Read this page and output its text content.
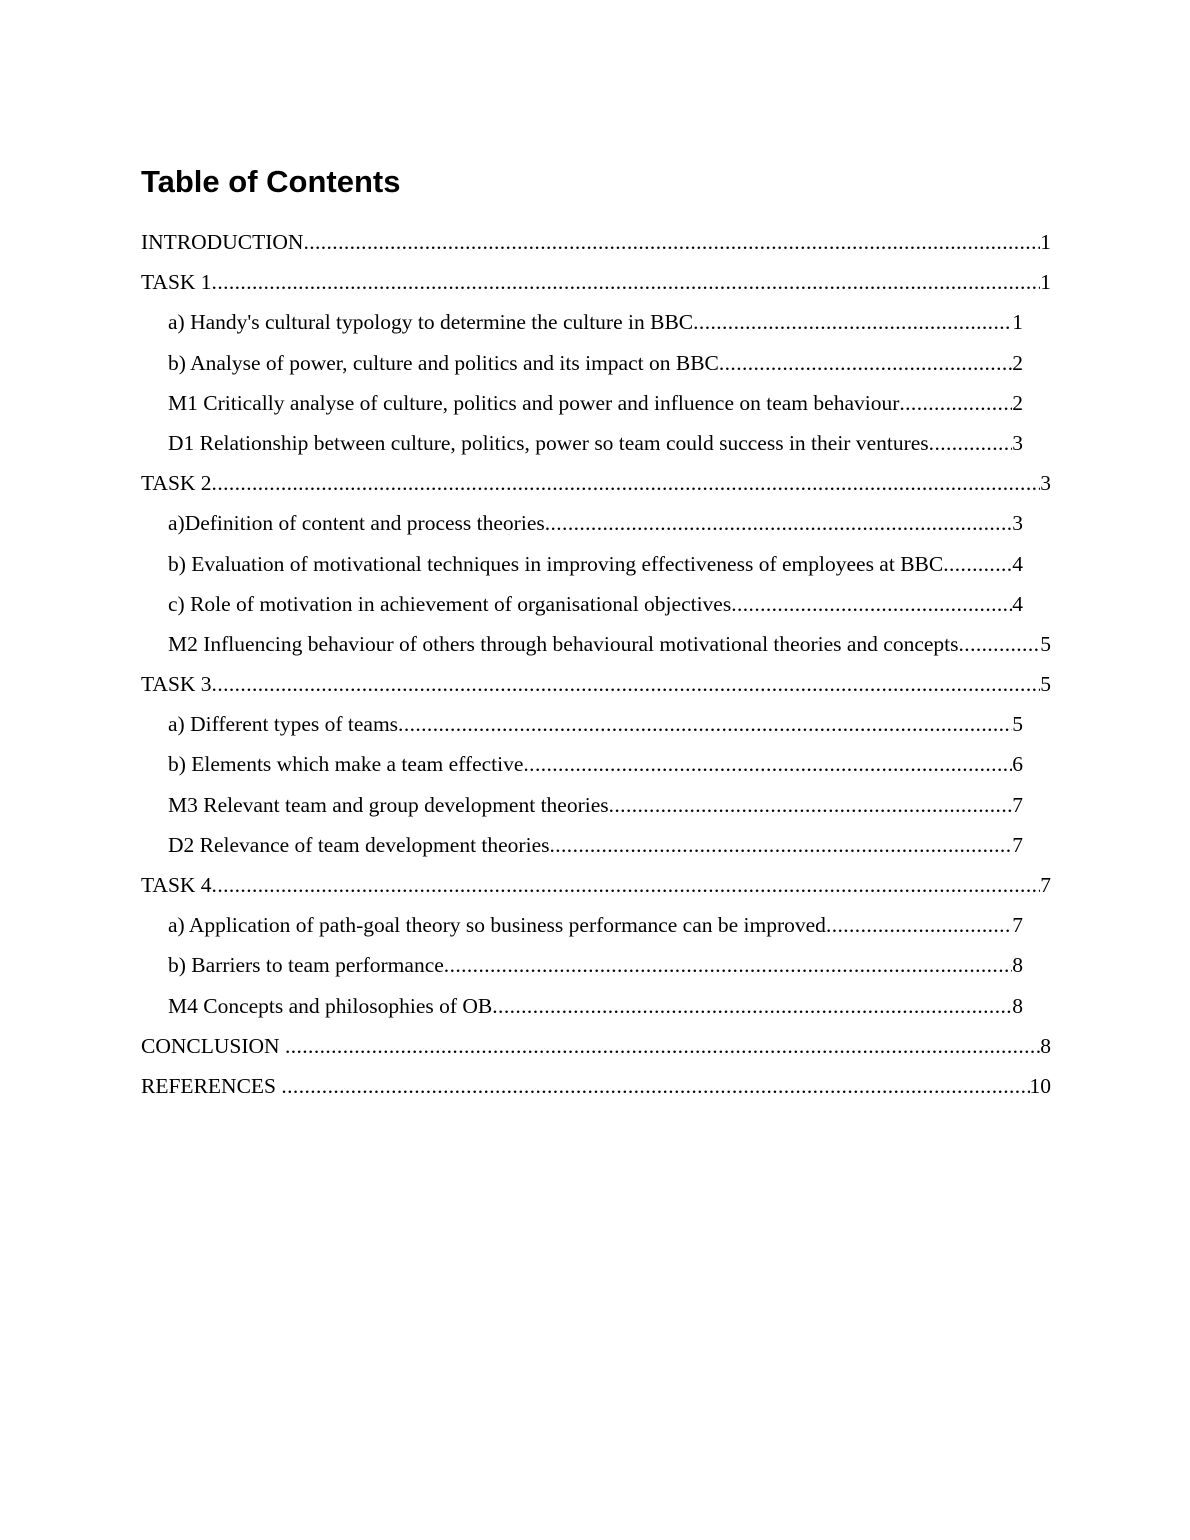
Table of Contents
INTRODUCTION .....	1
TASK 1 .....	1
a) Handy's cultural typology to determine the culture in BBC .....	1
b) Analyse of power, culture and politics and its impact on BBC .....	2
M1 Critically analyse of culture, politics and power and influence on team behaviour .....	2
D1 Relationship between culture, politics, power so team could success in their ventures .....	3
TASK 2 .....	3
a)Definition of content and process theories .....	3
b) Evaluation of motivational techniques in improving effectiveness of employees at BBC .....	4
c) Role of motivation in achievement of organisational objectives .....	4
M2 Influencing behaviour of others through behavioural motivational theories and concepts .....	5
TASK 3 .....	5
a) Different types of teams .....	5
b) Elements which make a team effective .....	6
M3 Relevant team and group development theories .....	7
D2 Relevance of team development theories .....	7
TASK 4 .....	7
a) Application of path-goal theory so business performance can be improved .....	7
b) Barriers to team performance .....	8
M4 Concepts and philosophies of OB .....	8
CONCLUSION .....	8
REFERENCES .....	10
